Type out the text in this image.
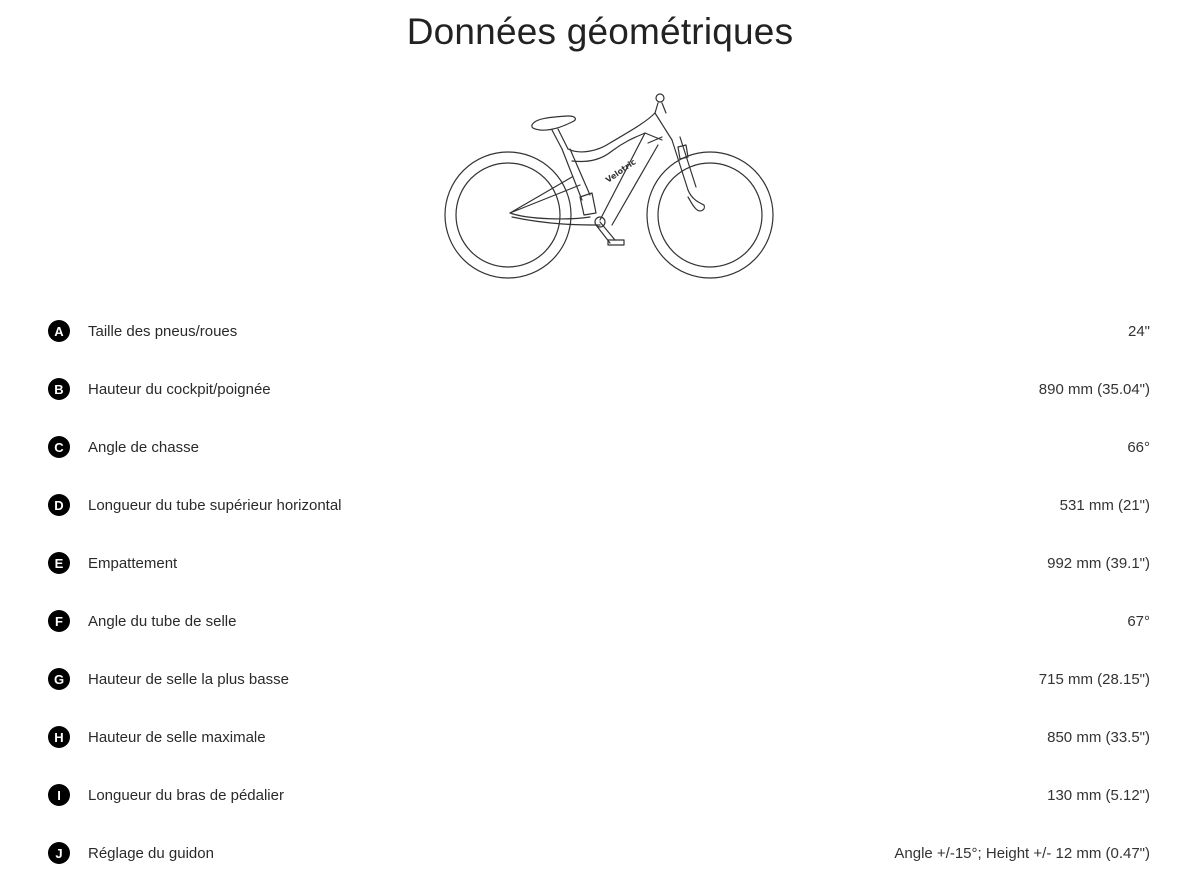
Données géométriques
Velotric
A	Taille des pneus/roues	24"
B	Hauteur du cockpit/poignée	890 mm (35.04")
C	Angle de chasse	66°
D	Longueur du tube supérieur horizontal	531 mm (21")
E	Empattement	992 mm (39.1")
F	Angle du tube de selle	67°
G	Hauteur de selle la plus basse	715 mm (28.15")
H	Hauteur de selle maximale	850 mm (33.5")
I	Longueur du bras de pédalier	130 mm (5.12")
J	Réglage du guidon	Angle +/-15°; Height +/- 12 mm (0.47")
